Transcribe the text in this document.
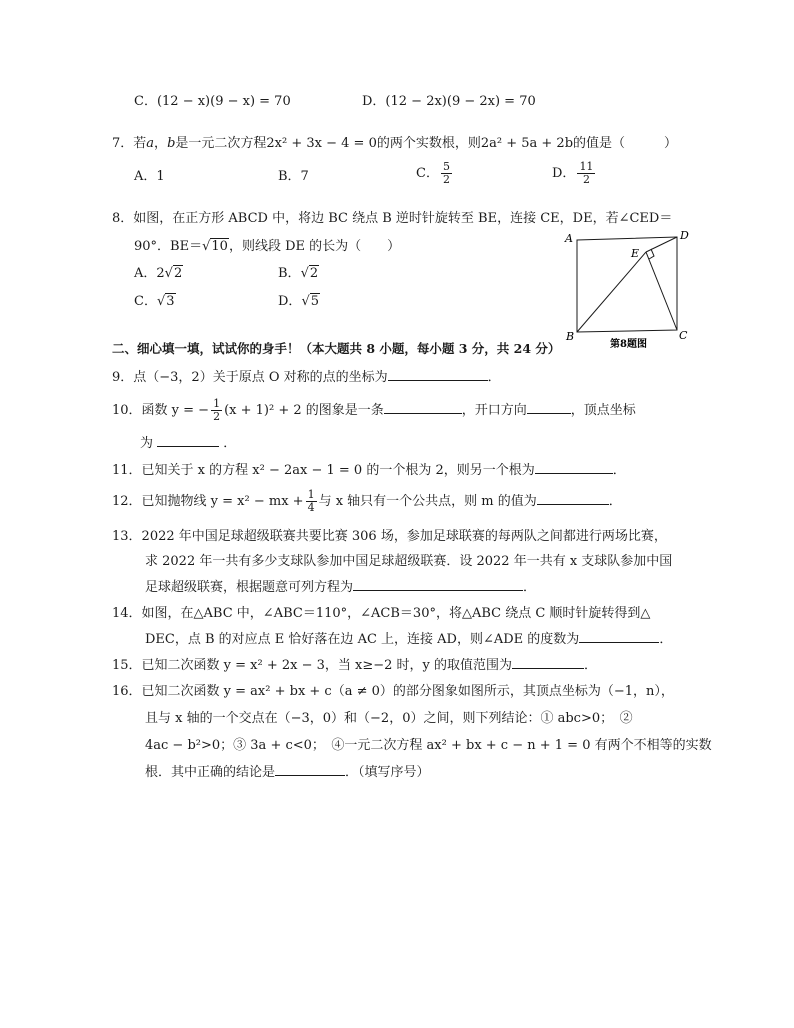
C．(12 − x)(9 − x) = 70	D．(12 − 2x)(9 − 2x) = 70
7．若a，b是一元二次方程2x² + 3x − 4 = 0的两个实数根，则2a² + 5a + 2b的值是（　　　）
A．1	B．7	C． $\frac{5}{2}$	D． $\frac{11}{2}$
8．如图，在正方形 ABCD 中，将边 BC 绕点 B 逆时针旋转至 BE，连接 CE，DE，若∠CED＝
90°．BE＝√10，则线段 DE 的长为（　　）
A．2√2	B．√2
C．√3	D．√5
A	D
E
B	C
第8题图
二、细心填一填，试试你的身手！（本大题共 8 小题，每小题 3 分，共 24 分）
9．点（−3，2）关于原点 O 对称的点的坐标为	．
10．函数 y = − $\frac{1}{2} (x + 1)^2 + 2$ 的图象是一条	，开口方向	，顶点坐标
为	．
11．已知关于 x 的方程 x² − 2ax − 1 = 0 的一个根为 2，则另一个根为	．
12．已知抛物线 y = x² − mx + $\frac{1}{4}$ 与 x 轴只有一个公共点，则 m 的值为	．
13．2022 年中国足球超级联赛共要比赛 306 场，参加足球联赛的每两队之间都进行两场比赛，
求 2022 年一共有多少支球队参加中国足球超级联赛．设 2022 年一共有 x 支球队参加中国
足球超级联赛，根据题意可列方程为	．
14．如图，在△ABC 中，∠ABC＝110°，∠ACB＝30°，将△ABC 绕点 C 顺时针旋转得到△
DEC，点 B 的对应点 E 恰好落在边 AC 上，连接 AD，则∠ADE 的度数为	．
15．已知二次函数 y = x² + 2x − 3，当 x≥−2 时，y 的取值范围为	．
16．已知二次函数 y = ax² + bx + c（a ≠ 0）的部分图象如图所示，其顶点坐标为（−1，n），
且与 x 轴的一个交点在（−3，0）和（−2，0）之间，则下列结论：① abc>0；　②
4ac − b²>0；③ 3a + c<0；　④一元二次方程 ax² + bx + c − n + 1 = 0 有两个不相等的实数
根．其中正确的结论是	．（填写序号）
